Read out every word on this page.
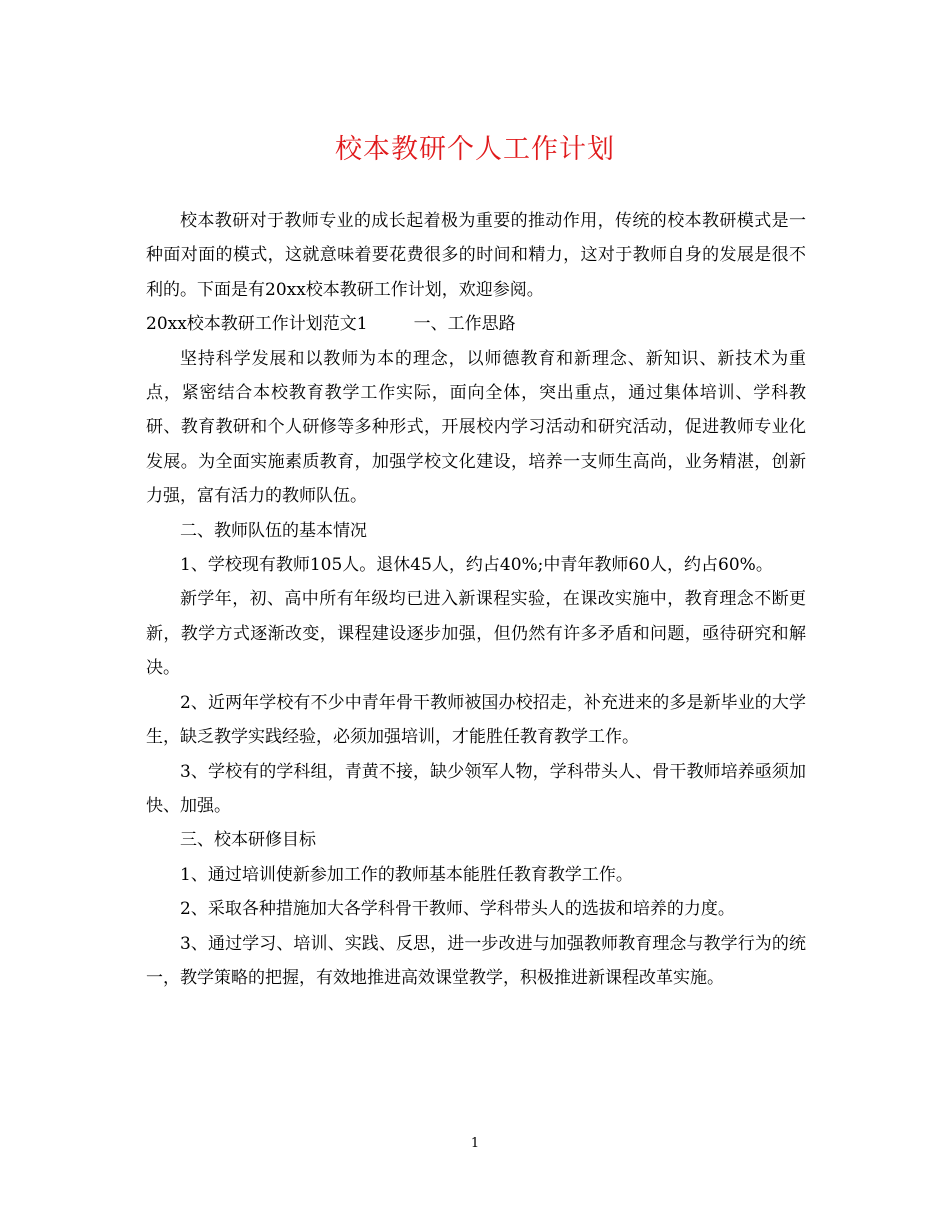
校本教研个人工作计划

校本教研对于教师专业的成长起着极为重要的推动作用，传统的校本教研模式是一种面对面的模式，这就意味着要花费很多的时间和精力，这对于教师自身的发展是很不利的。下面是有20xx校本教研工作计划，欢迎参阅。

20xx校本教研工作计划范文1	一、工作思路

坚持科学发展和以教师为本的理念，以师德教育和新理念、新知识、新技术为重点，紧密结合本校教育教学工作实际，面向全体，突出重点，通过集体培训、学科教研、教育教研和个人研修等多种形式，开展校内学习活动和研究活动，促进教师专业化发展。为全面实施素质教育，加强学校文化建设，培养一支师生高尚，业务精湛，创新力强，富有活力的教师队伍。

二、教师队伍的基本情况

1、学校现有教师105人。退休45人，约占40%;中青年教师60人，约占60%。

新学年，初、高中所有年级均已进入新课程实验，在课改实施中，教育理念不断更新，教学方式逐渐改变，课程建设逐步加强，但仍然有许多矛盾和问题，亟待研究和解决。

2、近两年学校有不少中青年骨干教师被国办校招走，补充进来的多是新毕业的大学生，缺乏教学实践经验，必须加强培训，才能胜任教育教学工作。

3、学校有的学科组，青黄不接，缺少领军人物，学科带头人、骨干教师培养亟须加快、加强。

三、校本研修目标

1、通过培训使新参加工作的教师基本能胜任教育教学工作。

2、采取各种措施加大各学科骨干教师、学科带头人的选拔和培养的力度。

3、通过学习、培训、实践、反思，进一步改进与加强教师教育理念与教学行为的统一，教学策略的把握，有效地推进高效课堂教学，积极推进新课程改革实施。

1
